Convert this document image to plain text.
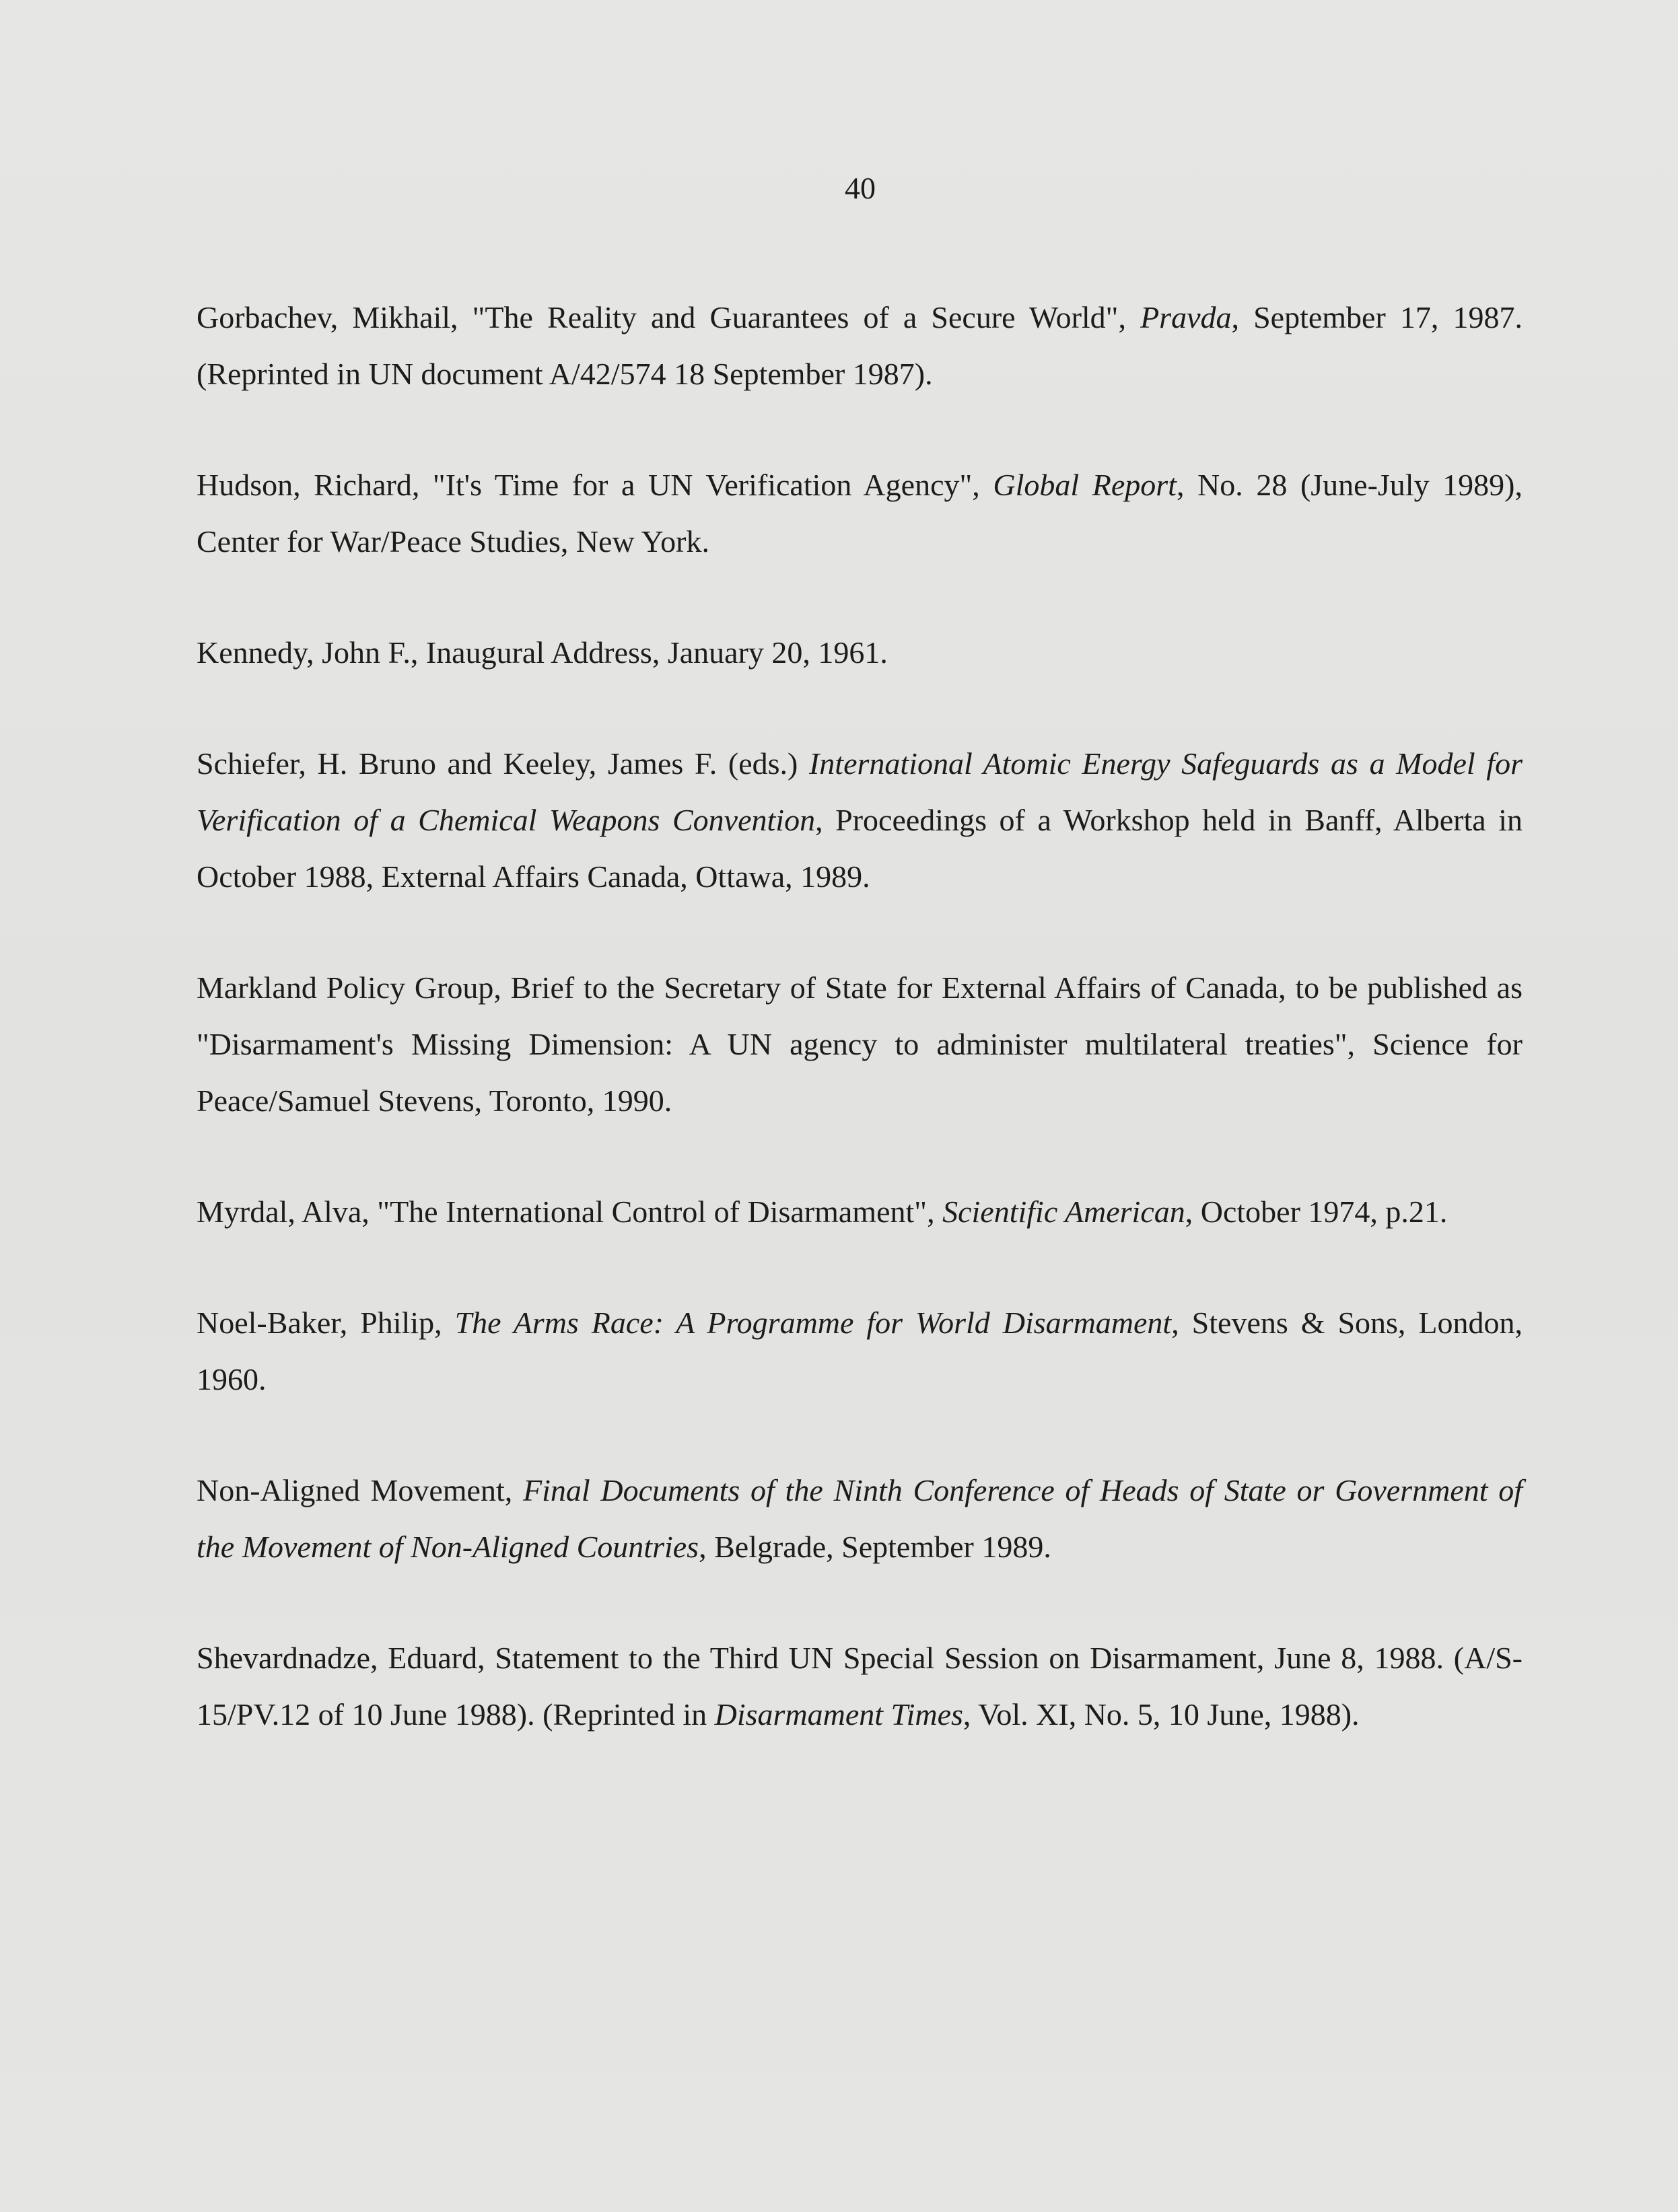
40

Gorbachev, Mikhail, "The Reality and Guarantees of a Secure World", Pravda, September 17, 1987. (Reprinted in UN document A/42/574 18 September 1987).

Hudson, Richard, "It's Time for a UN Verification Agency", Global Report, No. 28 (June-July 1989), Center for War/Peace Studies, New York.

Kennedy, John F., Inaugural Address, January 20, 1961.

Schiefer, H. Bruno and Keeley, James F. (eds.) International Atomic Energy Safeguards as a Model for Verification of a Chemical Weapons Convention, Proceedings of a Workshop held in Banff, Alberta in October 1988, External Affairs Canada, Ottawa, 1989.

Markland Policy Group, Brief to the Secretary of State for External Affairs of Canada, to be published as "Disarmament's Missing Dimension: A UN agency to administer multilateral treaties", Science for Peace/Samuel Stevens, Toronto, 1990.

Myrdal, Alva, "The International Control of Disarmament", Scientific American, October 1974, p.21.

Noel-Baker, Philip, The Arms Race: A Programme for World Disarmament, Stevens & Sons, London, 1960.

Non-Aligned Movement, Final Documents of the Ninth Conference of Heads of State or Government of the Movement of Non-Aligned Countries, Belgrade, September 1989.

Shevardnadze, Eduard, Statement to the Third UN Special Session on Disarmament, June 8, 1988. (A/S-15/PV.12 of 10 June 1988). (Reprinted in Disarmament Times, Vol. XI, No. 5, 10 June, 1988).
